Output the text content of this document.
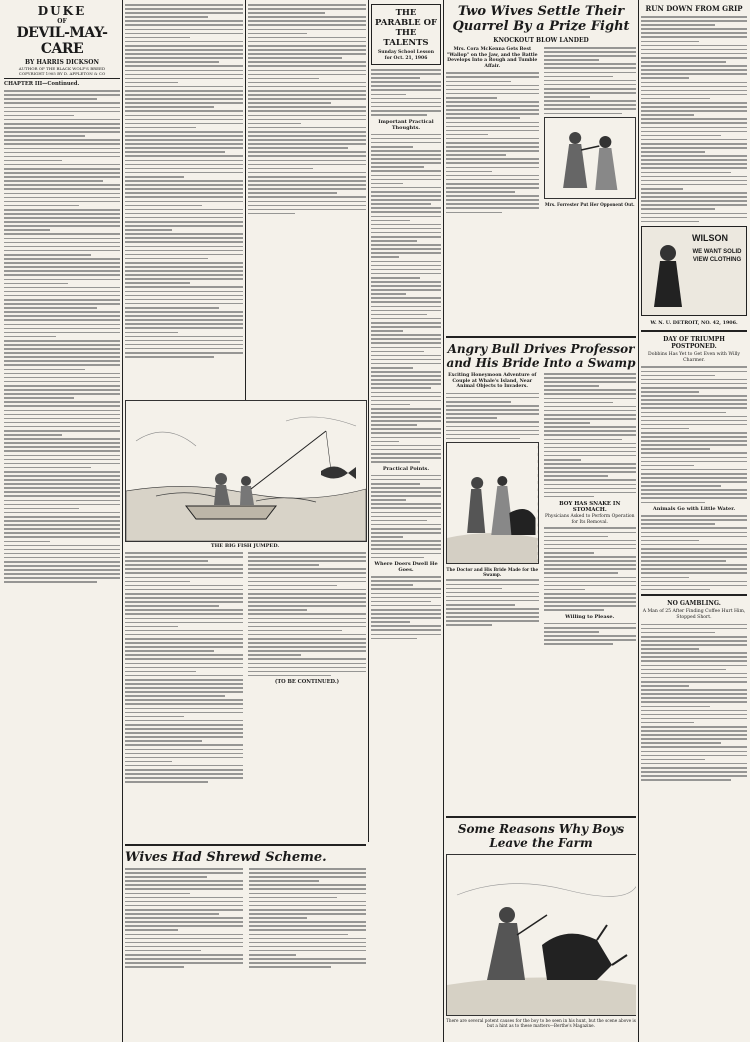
DUKE
OF
DEVIL-MAY-CARE
BY HARRIS DICKSON
AUTHOR OF THE BLACK WOLF'S BREED
COPYRIGHT 1905 BY D. APPLETON & CO
CHAPTER III—Continued.
THE BIG FISH JUMPED.
(TO BE CONTINUED.)
Wives Had Shrewd Scheme.
THE PARABLE OF THE TALENTS
Sunday School Lesson for Oct. 21, 1906
Important Practical Thoughts.
Practical Points.
Where Doers Dwell He Goes.
Two Wives Settle Their Quarrel By a Prize Fight
KNOCKOUT BLOW LANDED
Mrs. Cora McKenna Gets Best "Wallop" on the Jaw, and the Battle Develops Into a Rough and Tumble Affair.
Mrs. Forrester Put Her Opponent Out.
Angry Bull Drives Professor and His Bride Into a Swamp
Exciting Honeymoon Adventure of Couple at Whale's Island, Near Animal Objects to Invaders.
The Doctor and His Bride Made for the Swamp.
BOY HAS SNAKE IN STOMACH.
Physicians Asked to Perform Operation for Its Removal.
Willing to Please.
Some Reasons Why Boys Leave the Farm
There are several potent causes for the boy to be seen in his hunt, but the scene above is but a hint as to these matters—Berthe's Magazine.
RUN DOWN FROM GRIP
WILSON
WE WANT SOLID VIEW CLOTHING
W. N. U. DETROIT, NO. 42, 1906.
DAY OF TRIUMPH POSTPONED.
Dobbins Has Yet to Get Even with Willy Charmer.
Animals Go with Little Water.
NO GAMBLING.
A Man of 25 After Finding Coffee Hurt Him, Stopped Short.
